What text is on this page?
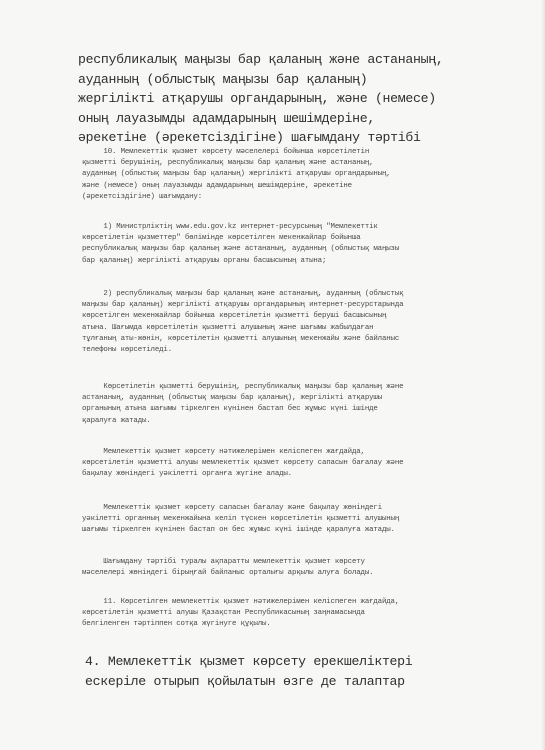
республикалық маңызы бар қаланың және астананың,
ауданның (облыстық маңызы бар қаланың)
жергілікті атқарушы органдарының, және (немесе)
оның лауазымды адамдарының шешімдеріне,
әрекетіне (әрекетсіздігіне) шағымдану тәртібі
10. Мемлекеттік қызмет көрсету мәселелері бойынша көрсетілетін
қызметті берушінің, республикалық маңызы бар қаланың және астананың,
ауданның (облыстық маңызы бар қаланың) жергілікті атқарушы органдарының,
және (немесе) оның лауазымды адамдарының шешімдеріне, әрекетіне
(әрекетсіздігіне) шағымдану:
1) Министрліктің www.edu.gov.kz интернет-ресурсының "Мемлекеттік
көрсетілетін қызметтер" бөлімінде көрсетілген мекенжайлар бойынша
республикалық маңызы бар қаланың және астананың, ауданның (облыстық маңызы
бар қаланың) жергілікті атқарушы органы басшысының атына;
2) республикалық маңызы бар қаланың және астананың, ауданның (облыстық
маңызы бар қаланың) жергілікті атқарушы органдарының интернет-ресурстарында
көрсетілген мекенжайлар бойынша көрсетілетін қызметті беруші басшысының
атына. Шағымда көрсетілетін қызметті алушының және шағымы жабылдаған
тұлғаның аты-жөнін, көрсетілетін қызметті алушының мекенжайы және байланыс
телефоны көрсетіледі.
Көрсетілетін қызметті берушінің, республикалық маңызы бар қаланың және
астананың, ауданның (облыстық маңызы бар қаланың), жергілікті атқарушы
органының атына шағымы тіркелген күнінен бастап бес жұмыс күні ішінде
қаралуға жатады.
Мемлекеттік қызмет көрсету нәтижелерімен келіспеген жағдайда,
көрсетілетін қызметті алушы мемлекеттік қызмет көрсету сапасын бағалау және
бақылау жөніндегі уәкілетті органға жүгіне алады.
Мемлекеттік қызмет көрсету сапасын бағалау және бақылау жөніндегі
уәкілетті органның мекенжайына келіп түскен көрсетілетін қызметті алушының
шағымы тіркелген күнінен бастап он бес жұмыс күні ішінде қаралуға жатады.
Шағымдану тәртібі туралы ақпаратты мемлекеттік қызмет көрсету
мәселелері жөніндегі бірыңғай байланыс орталығы арқылы алуға болады.
11. Көрсетілген мемлекеттік қызмет нәтижелерімен келіспеген жағдайда,
көрсетілетін қызметті алушы Қазақстан Республикасының заңнамасында
белгіленген тәртіппен сотқа жүгінуге құқылы.
4. Мемлекеттік қызмет көрсету ерекшеліктері
ескеріле отырып қойылатын өзге де талаптар
